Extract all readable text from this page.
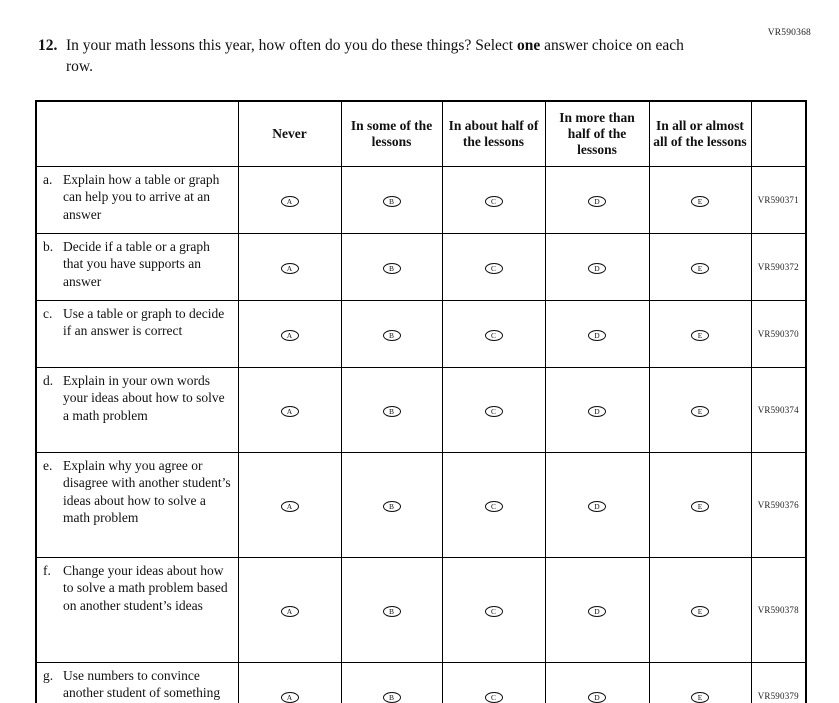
VR590368
12. In your math lessons this year, how often do you do these things? Select one answer choice on each row.
	Never	In some of the lessons	In about half of the lessons	In more than half of the lessons	In all or almost all of the lessons	

a. Explain how a table or graph can help you to arrive at an answer	A	B	C	D	E	VR590371

b. Decide if a table or a graph that you have supports an answer	A	B	C	D	E	VR590372

c. Use a table or graph to decide if an answer is correct	A	B	C	D	E	VR590370

d. Explain in your own words your ideas about how to solve a math problem	A	B	C	D	E	VR590374

e. Explain why you agree or disagree with another student’s ideas about how to solve a math problem	A	B	C	D	E	VR590376

f. Change your ideas about how to solve a math problem based on another student’s ideas	A	B	C	D	E	VR590378

g. Use numbers to convince another student of something	A	B	C	D	E	VR590379
